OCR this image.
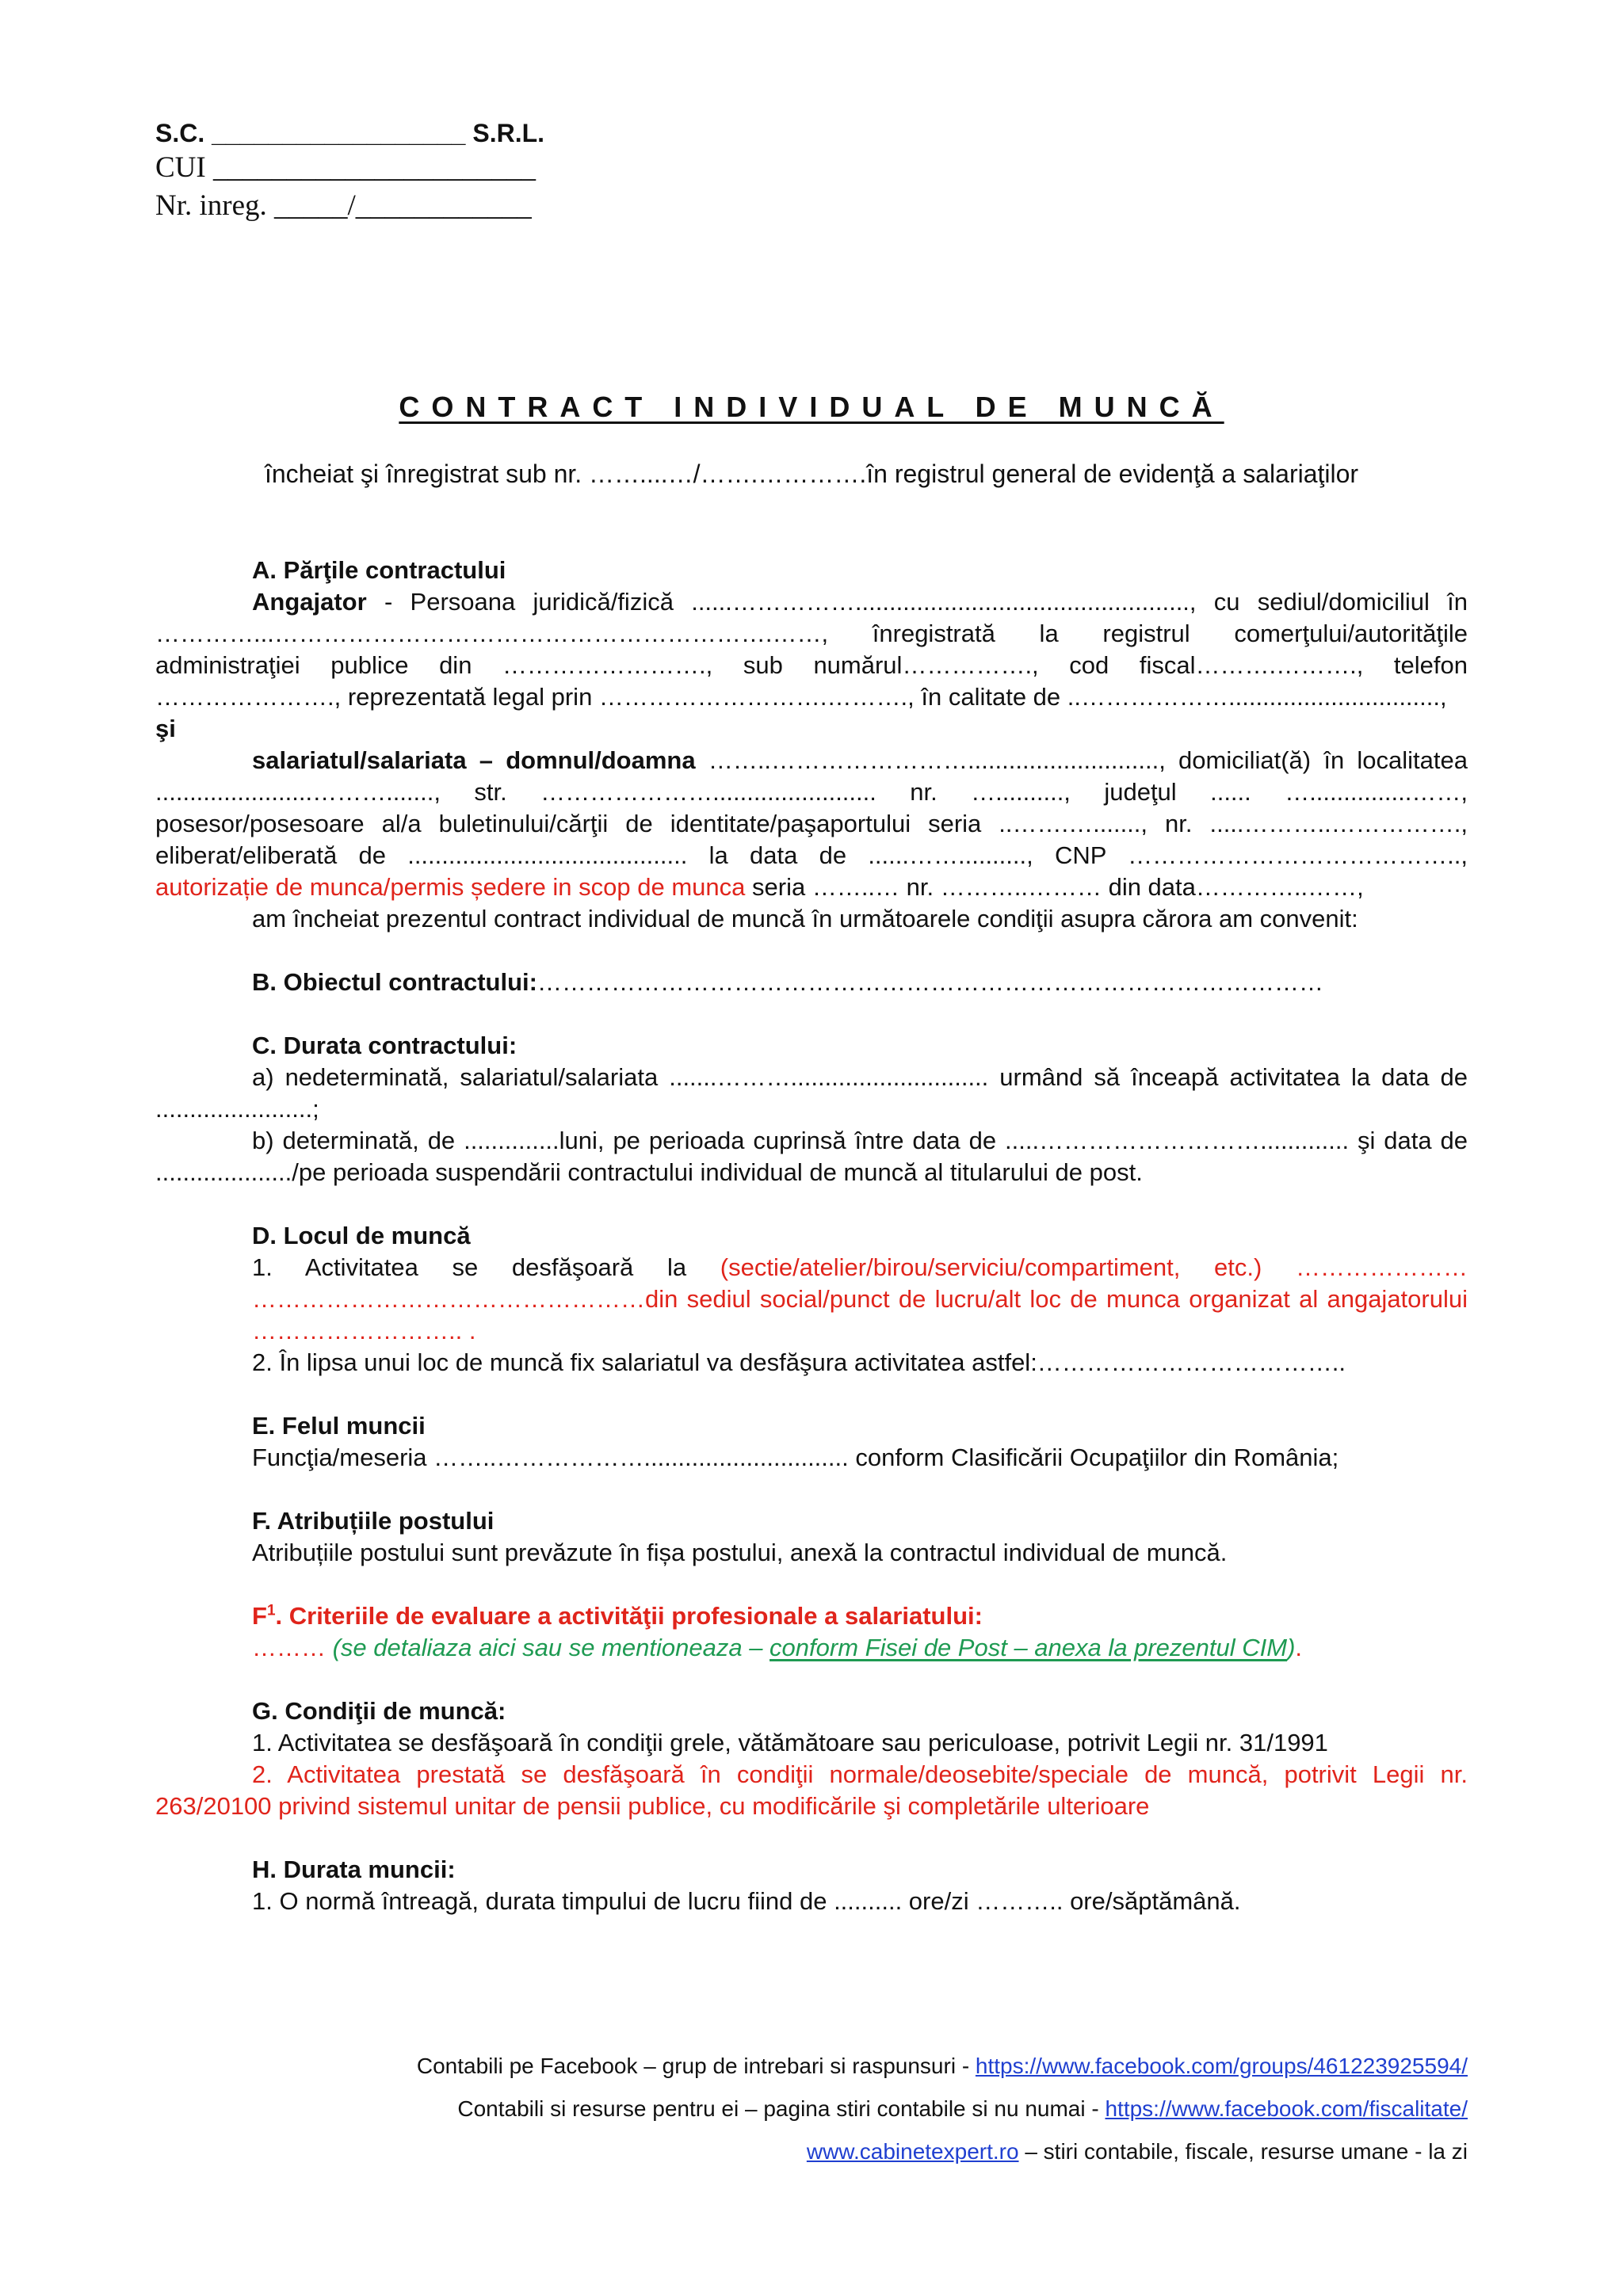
S.C. __________________ S.R.L.
CUI ______________________
Nr. inreg. _____/____________
CONTRACT INDIVIDUAL DE MUNCĂ
încheiat şi înregistrat sub nr. ……....…/…….………….în registrul general de evidenţă a salariaţilor

A. Părţile contractului

Angajator - Persoana juridică/fizică ......……………................................................., cu sediul/domiciliul în …………...…………………………………………………….……, înregistrată la registrul comerţului/autorităţile administraţiei publice din ……………………., sub numărul……………., cod fiscal……….………., telefon …………………., reprezentată legal prin ……………………….………., în calitate de ..………………...............................,

şi

salariatul/salariata – domnul/doamna ……..……………………............................, domiciliat(ă) în localitatea .......................………......., str. …………………........................ nr. ….........., judeţul ...... …...............……, posesor/posesoare al/a buletinului/cărţii de identitate/paşaportului seria ..…….…......., nr. .....………..……………., eliberat/eliberată de ......................................... la data de ......…….........., CNP ………………………………….., autorizație de munca/permis ședere in scop de munca seria ……..… nr. ………..……… din data…………..……,

am încheiat prezentul contract individual de muncă în următoarele condiţii asupra cărora am convenit:

B. Obiectul contractului:……………………………………………………………………………………

C. Durata contractului:

a) nedeterminată, salariatul/salariata .......………............................. urmând să înceapă activitatea la data de .......................;

b) determinată, de ..............luni, pe perioada cuprinsă între data de .....………………………............. şi data de ..................../pe perioada suspendării contractului individual de muncă al titularului de post.

D. Locul de muncă

1. Activitatea se desfăşoară la (sectie/atelier/birou/serviciu/compartiment, etc.) ………………… …………………………………………din sediul social/punct de lucru/alt loc de munca organizat al angajatorului …………………….. .

2. În lipsa unui loc de muncă fix salariatul va desfăşura activitatea astfel:………………………………..

E. Felul muncii

Funcţia/meseria ……..……………….............................. conform Clasificării Ocupaţiilor din România;

F. Atribuțiile postului

Atribuțiile postului sunt prevăzute în fișa postului, anexă la contractul individual de muncă.

$F^1$. Criteriile de evaluare a activităţii profesionale a salariatului:

……… (se detaliaza aici sau se mentioneaza – conform Fisei de Post – anexa la prezentul CIM).

G. Condiţii de muncă:

1. Activitatea se desfăşoară în condiţii grele, vătămătoare sau periculoase, potrivit Legii nr. 31/1991

2. Activitatea prestată se desfăşoară în condiţii normale/deosebite/speciale de muncă, potrivit Legii nr. 263/20100 privind sistemul unitar de pensii publice, cu modificările şi completările ulterioare

H. Durata muncii:

1. O normă întreagă, durata timpului de lucru fiind de .......... ore/zi ……….. ore/săptămână.

Contabili pe Facebook – grup de intrebari si raspunsuri - https://www.facebook.com/groups/461223925594/
Contabili si resurse pentru ei – pagina stiri contabile si nu numai - https://www.facebook.com/fiscalitate/
www.cabinetexpert.ro – stiri contabile, fiscale, resurse umane - la zi
